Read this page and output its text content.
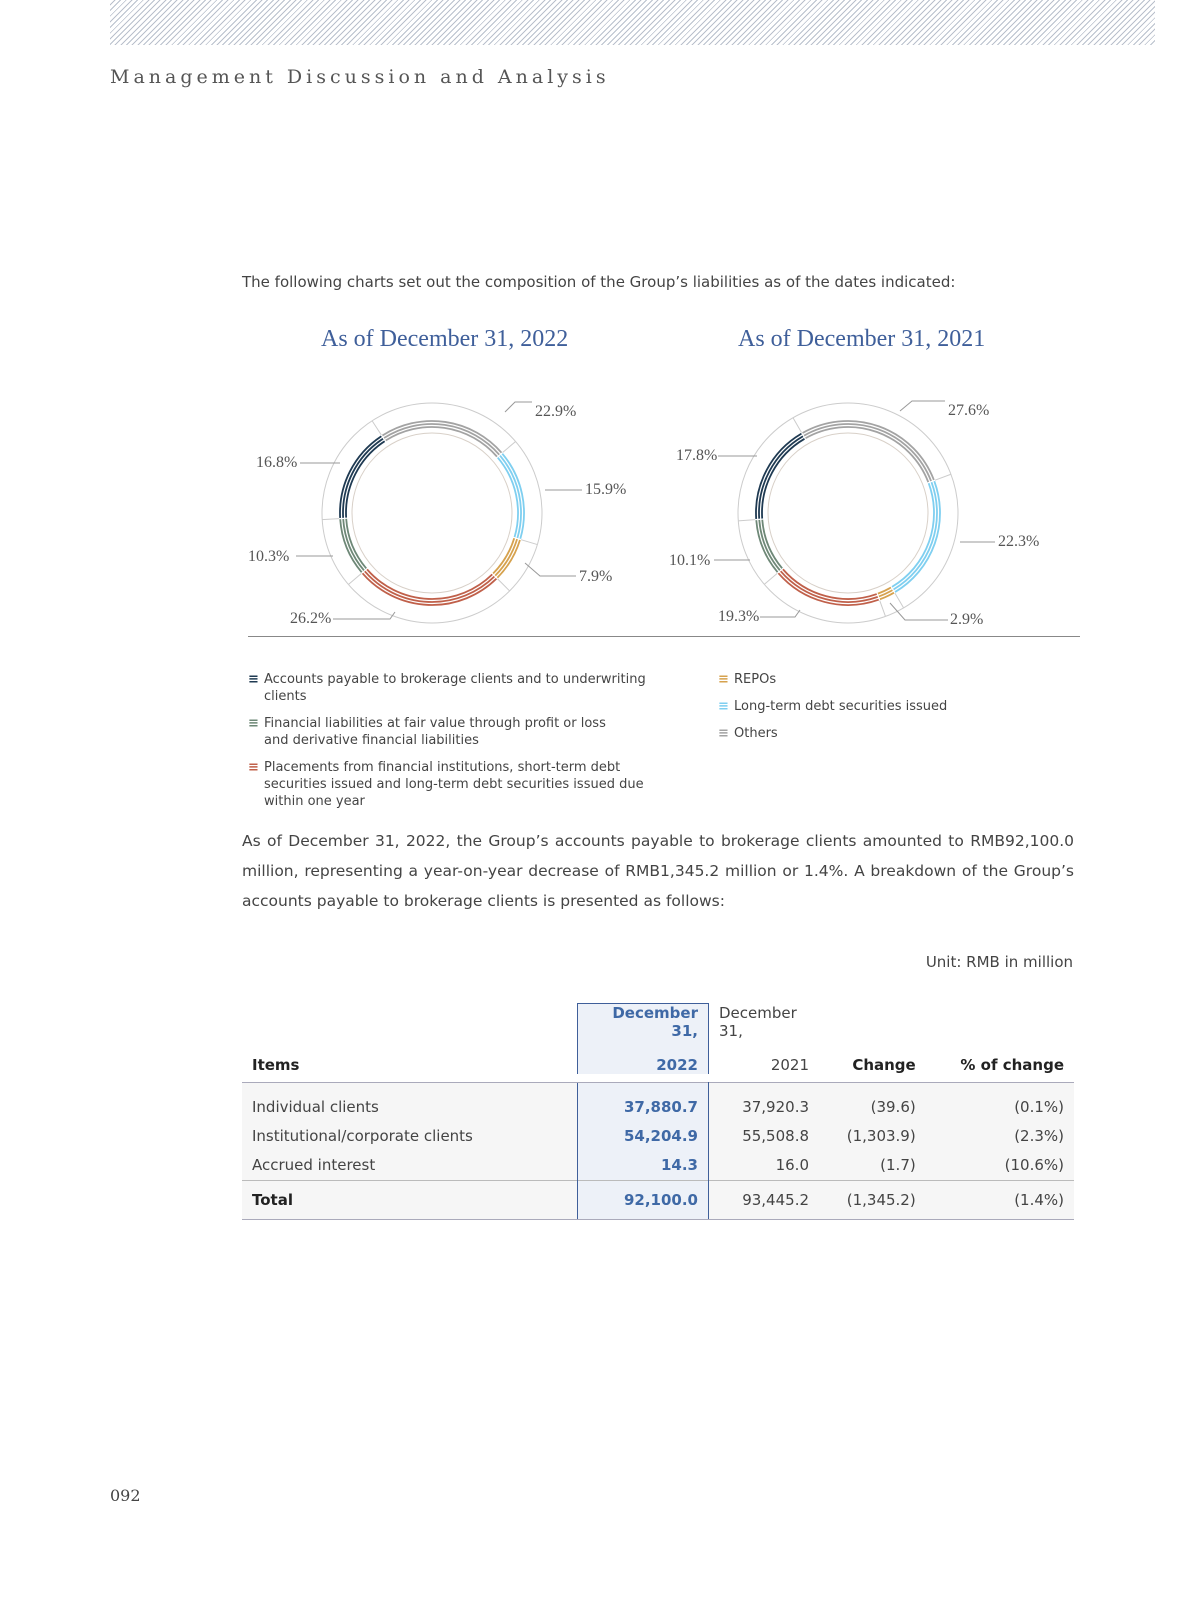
Management Discussion and Analysis
The following charts set out the composition of the Group’s liabilities as of the dates indicated:
As of December 31, 2022	As of December 31, 2021
22.9%
15.9%
7.9%
26.2%
10.3%
16.8%
27.6%
22.3%
2.9%
19.3%
10.1%
17.8%
≡ Accounts payable to brokerage clients and to underwriting clients
≡ Financial liabilities at fair value through profit or loss and derivative financial liabilities
≡ Placements from financial institutions, short-term debt securities issued and long-term debt securities issued due within one year
≡ REPOs
≡ Long-term debt securities issued
≡ Others
As of December 31, 2022, the Group’s accounts payable to brokerage clients amounted to RMB92,100.0 million, representing a year-on-year decrease of RMB1,345.2 million or 1.4%. A breakdown of the Group’s accounts payable to brokerage clients is presented as follows:
Unit: RMB in million
	December 31,	December 31,		
Items	2022	2021	Change	% of change

Individual clients	37,880.7	37,920.3	(39.6)	(0.1%)
Institutional/corporate clients	54,204.9	55,508.8	(1,303.9)	(2.3%)
Accrued interest	14.3	16.0	(1.7)	(10.6%)
Total	92,100.0	93,445.2	(1,345.2)	(1.4%)
092
